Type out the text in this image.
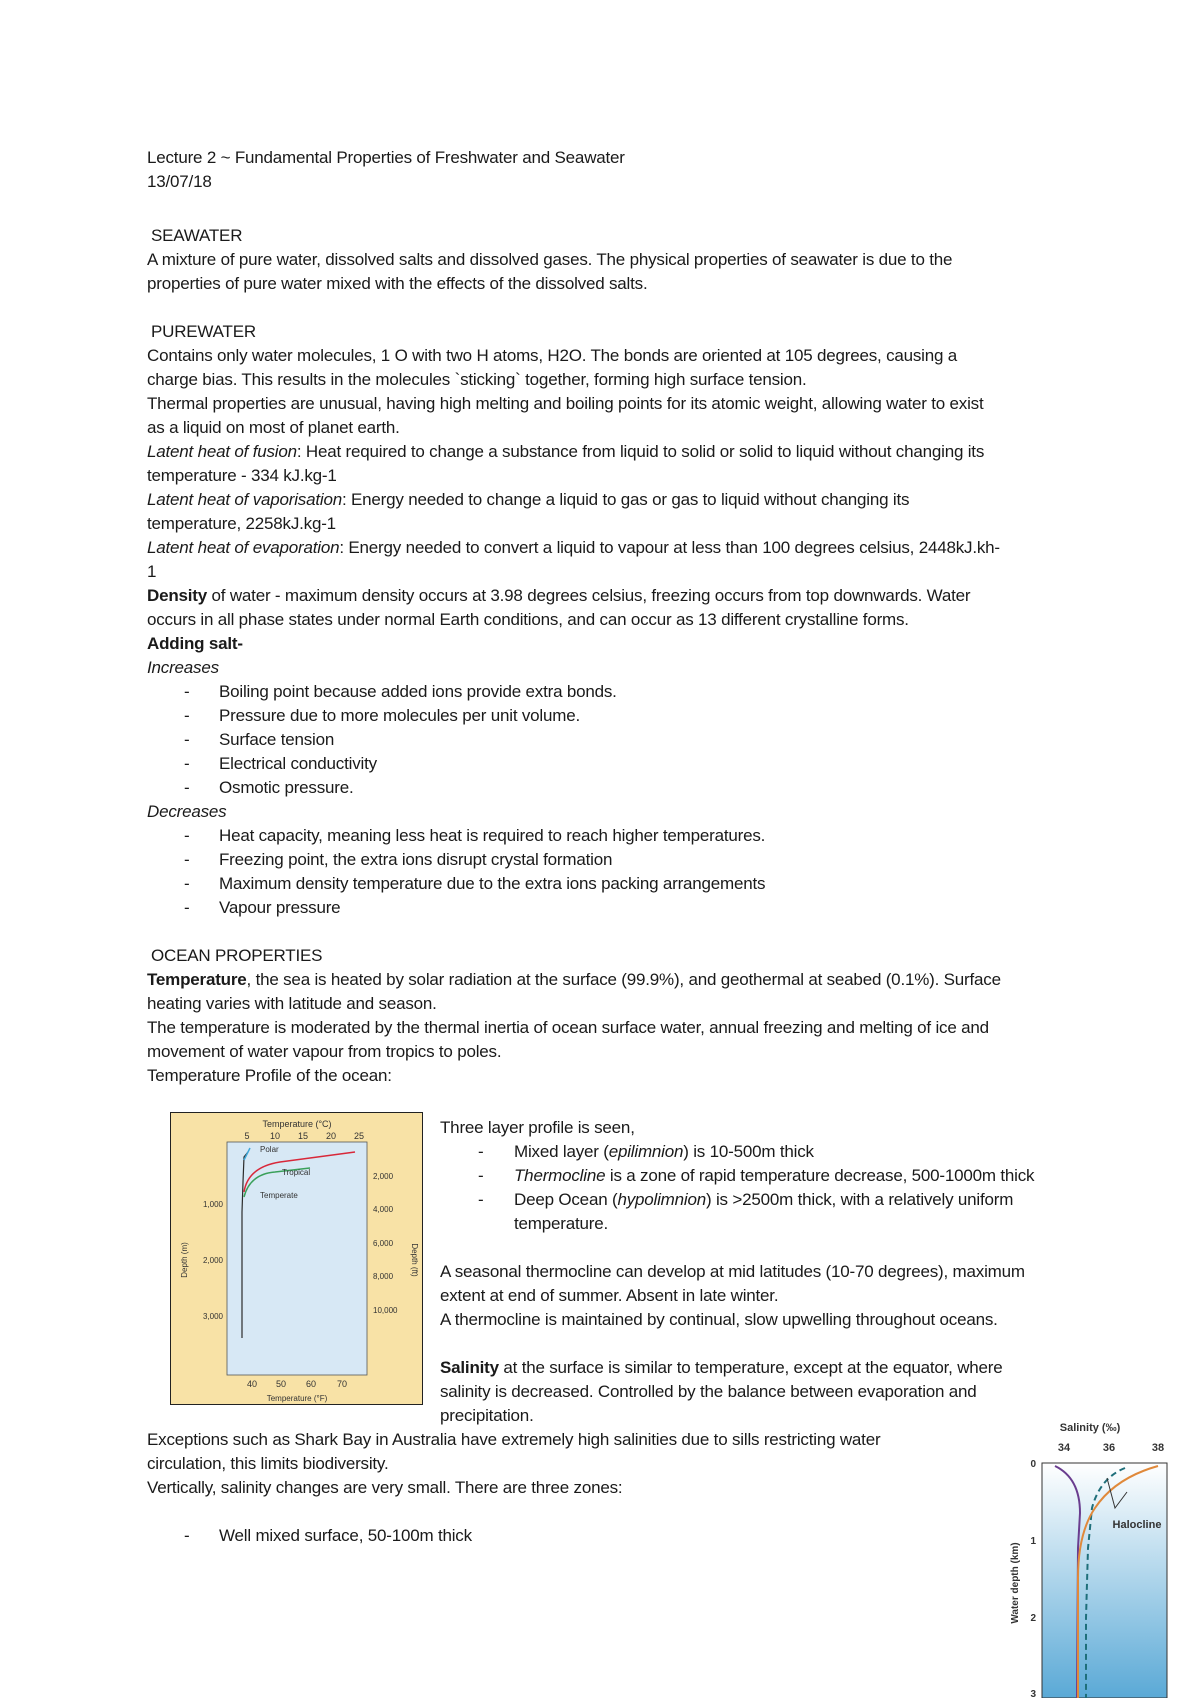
Lecture 2 ~ Fundamental Properties of Freshwater and Seawater
13/07/18
SEAWATER
A mixture of pure water, dissolved salts and dissolved gases. The physical properties of seawater is due to the
properties of pure water mixed with the effects of the dissolved salts.
PUREWATER
Contains only water molecules, 1 O with two H atoms, H2O. The bonds are oriented at 105 degrees, causing a
charge bias. This results in the molecules `sticking` together, forming high surface tension.
Thermal properties are unusual, having high melting and boiling points for its atomic weight, allowing water to exist
as a liquid on most of planet earth.
Latent heat of fusion: Heat required to change a substance from liquid to solid or solid to liquid without changing its
temperature - 334 kJ.kg-1
Latent heat of vaporisation: Energy needed to change a liquid to gas or gas to liquid without changing its
temperature, 2258kJ.kg-1
Latent heat of evaporation: Energy needed to convert a liquid to vapour at less than 100 degrees celsius, 2448kJ.kh-
1
Density of water - maximum density occurs at 3.98 degrees celsius, freezing occurs from top downwards. Water
occurs in all phase states under normal Earth conditions, and can occur as 13 different crystalline forms.
Adding salt-
Increases
- Boiling point because added ions provide extra bonds.
- Pressure due to more molecules per unit volume.
- Surface tension
- Electrical conductivity
- Osmotic pressure.
Decreases
- Heat capacity, meaning less heat is required to reach higher temperatures.
- Freezing point, the extra ions disrupt crystal formation
- Maximum density temperature due to the extra ions packing arrangements
- Vapour pressure
OCEAN PROPERTIES
Temperature, the sea is heated by solar radiation at the surface (99.9%), and geothermal at seabed (0.1%). Surface
heating varies with latitude and season.
The temperature is moderated by the thermal inertia of ocean surface water, annual freezing and melting of ice and
movement of water vapour from tropics to poles.
Temperature Profile of the ocean:
Temperature (°C)
5 10 15 20 25
1,000
2,000
3,000
2,000
4,000
6,000
8,000
10,000
40 50 60 70
Temperature (°F)
Depth (m)	Depth (ft)
Polar
Tropical
Temperate
Three layer profile is seen,
- Mixed layer (epilimnion) is 10-500m thick
- Thermocline is a zone of rapid temperature decrease, 500-1000m thick
- Deep Ocean (hypolimnion) is >2500m thick, with a relatively uniform
temperature.
A seasonal thermocline can develop at mid latitudes (10-70 degrees), maximum
extent at end of summer. Absent in late winter.
A thermocline is maintained by continual, slow upwelling throughout oceans.
Salinity at the surface is similar to temperature, except at the equator, where
salinity is decreased. Controlled by the balance between evaporation and
precipitation.
Exceptions such as Shark Bay in Australia have extremely high salinities due to sills restricting water
circulation, this limits biodiversity.
Vertically, salinity changes are very small. There are three zones:
- Well mixed surface, 50-100m thick
Salinity (‰)
34	36	38
0
1
2
3
Water depth (km)
Halocline
